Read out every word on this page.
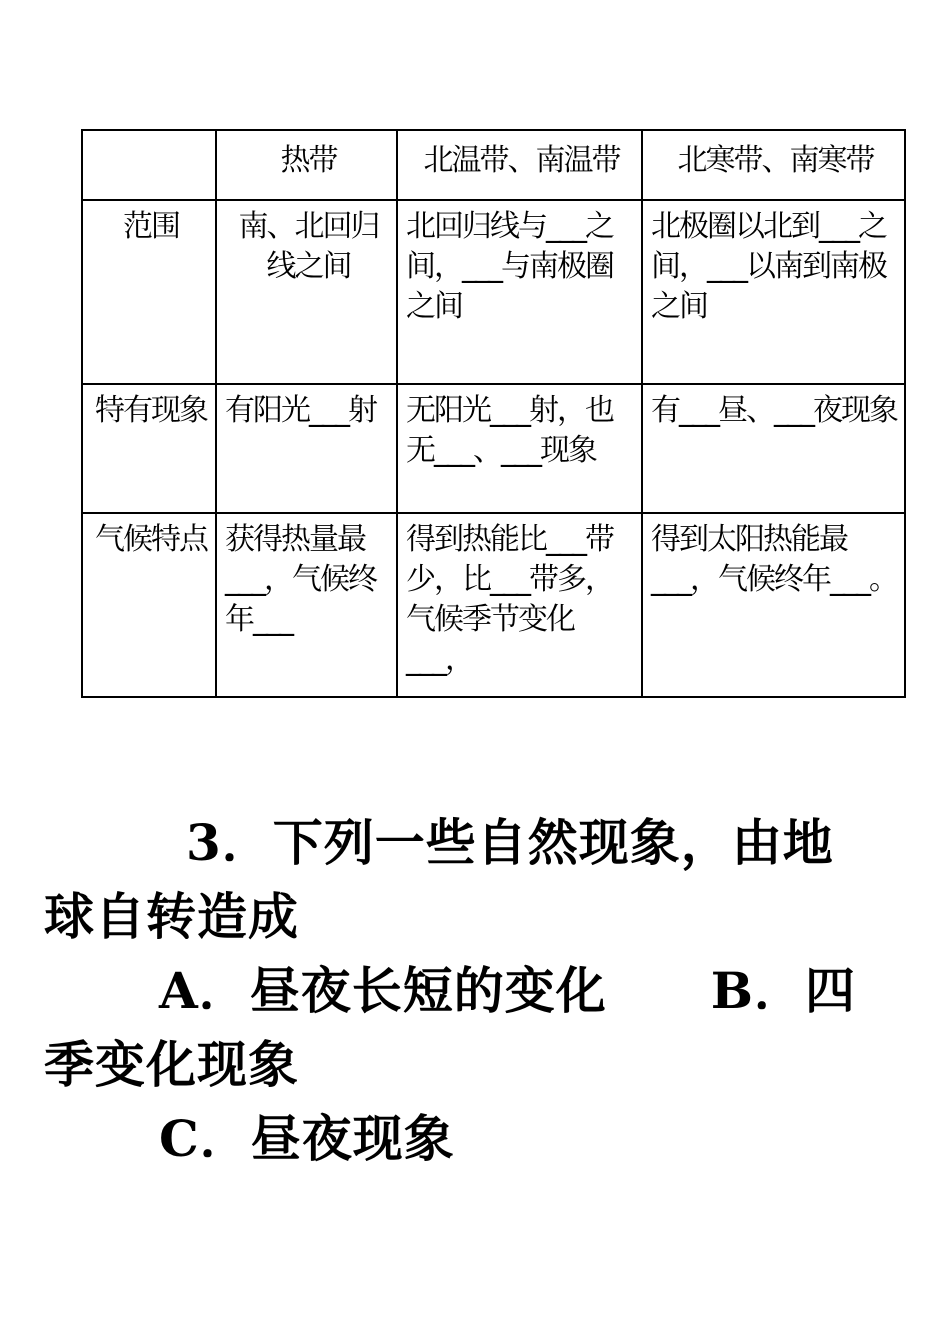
	热带	北温带、南温带	北寒带、南寒带
范围	南、北回归线之间	北回归线与___之间，___与南极圈之间	北极圈以北到___之间，___以南到南极之间
特有现象	有阳光___射	无阳光___射，也无___、___现象	有___昼、___夜现象
气候特点	获得热量最___，气候终年___	得到热能比___带少，比___带多，气候季节变化___，	得到太阳热能最___，气候终年___。
3．下列一些自然现象，由地
球自转造成
A．昼夜长短的变化 B．四
季变化现象
C．昼夜现象
